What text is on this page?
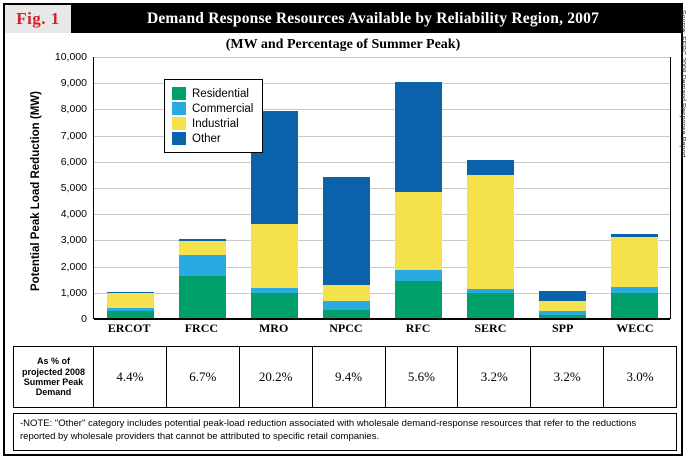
Fig. 1	Demand Response Resources Available by Reliability Region, 2007
(MW and Percentage of Summer Peak)
Potential Peak Load Reduction (MW)
0
1,000
2,000
3,000
4,000
5,000
6,000
7,000
8,000
9,000
10,000
Residential
Commercial
Industrial
Other
ERCOT	FRCC	MRO	NPCC	RFC	SERC	SPP	WECC
As % of projected 2008 Summer Peak Demand
4.4%	6.7%	20.2%	9.4%	5.6%	3.2%	3.2%	3.0%
-NOTE: "Other" category includes potential peak-load reduction associated with wholesale demand-response resources that refer to the reductions reported by wholesale providers that cannot be attributed to specific retail companies.
Source: FERC 2008 Demand Response Report
